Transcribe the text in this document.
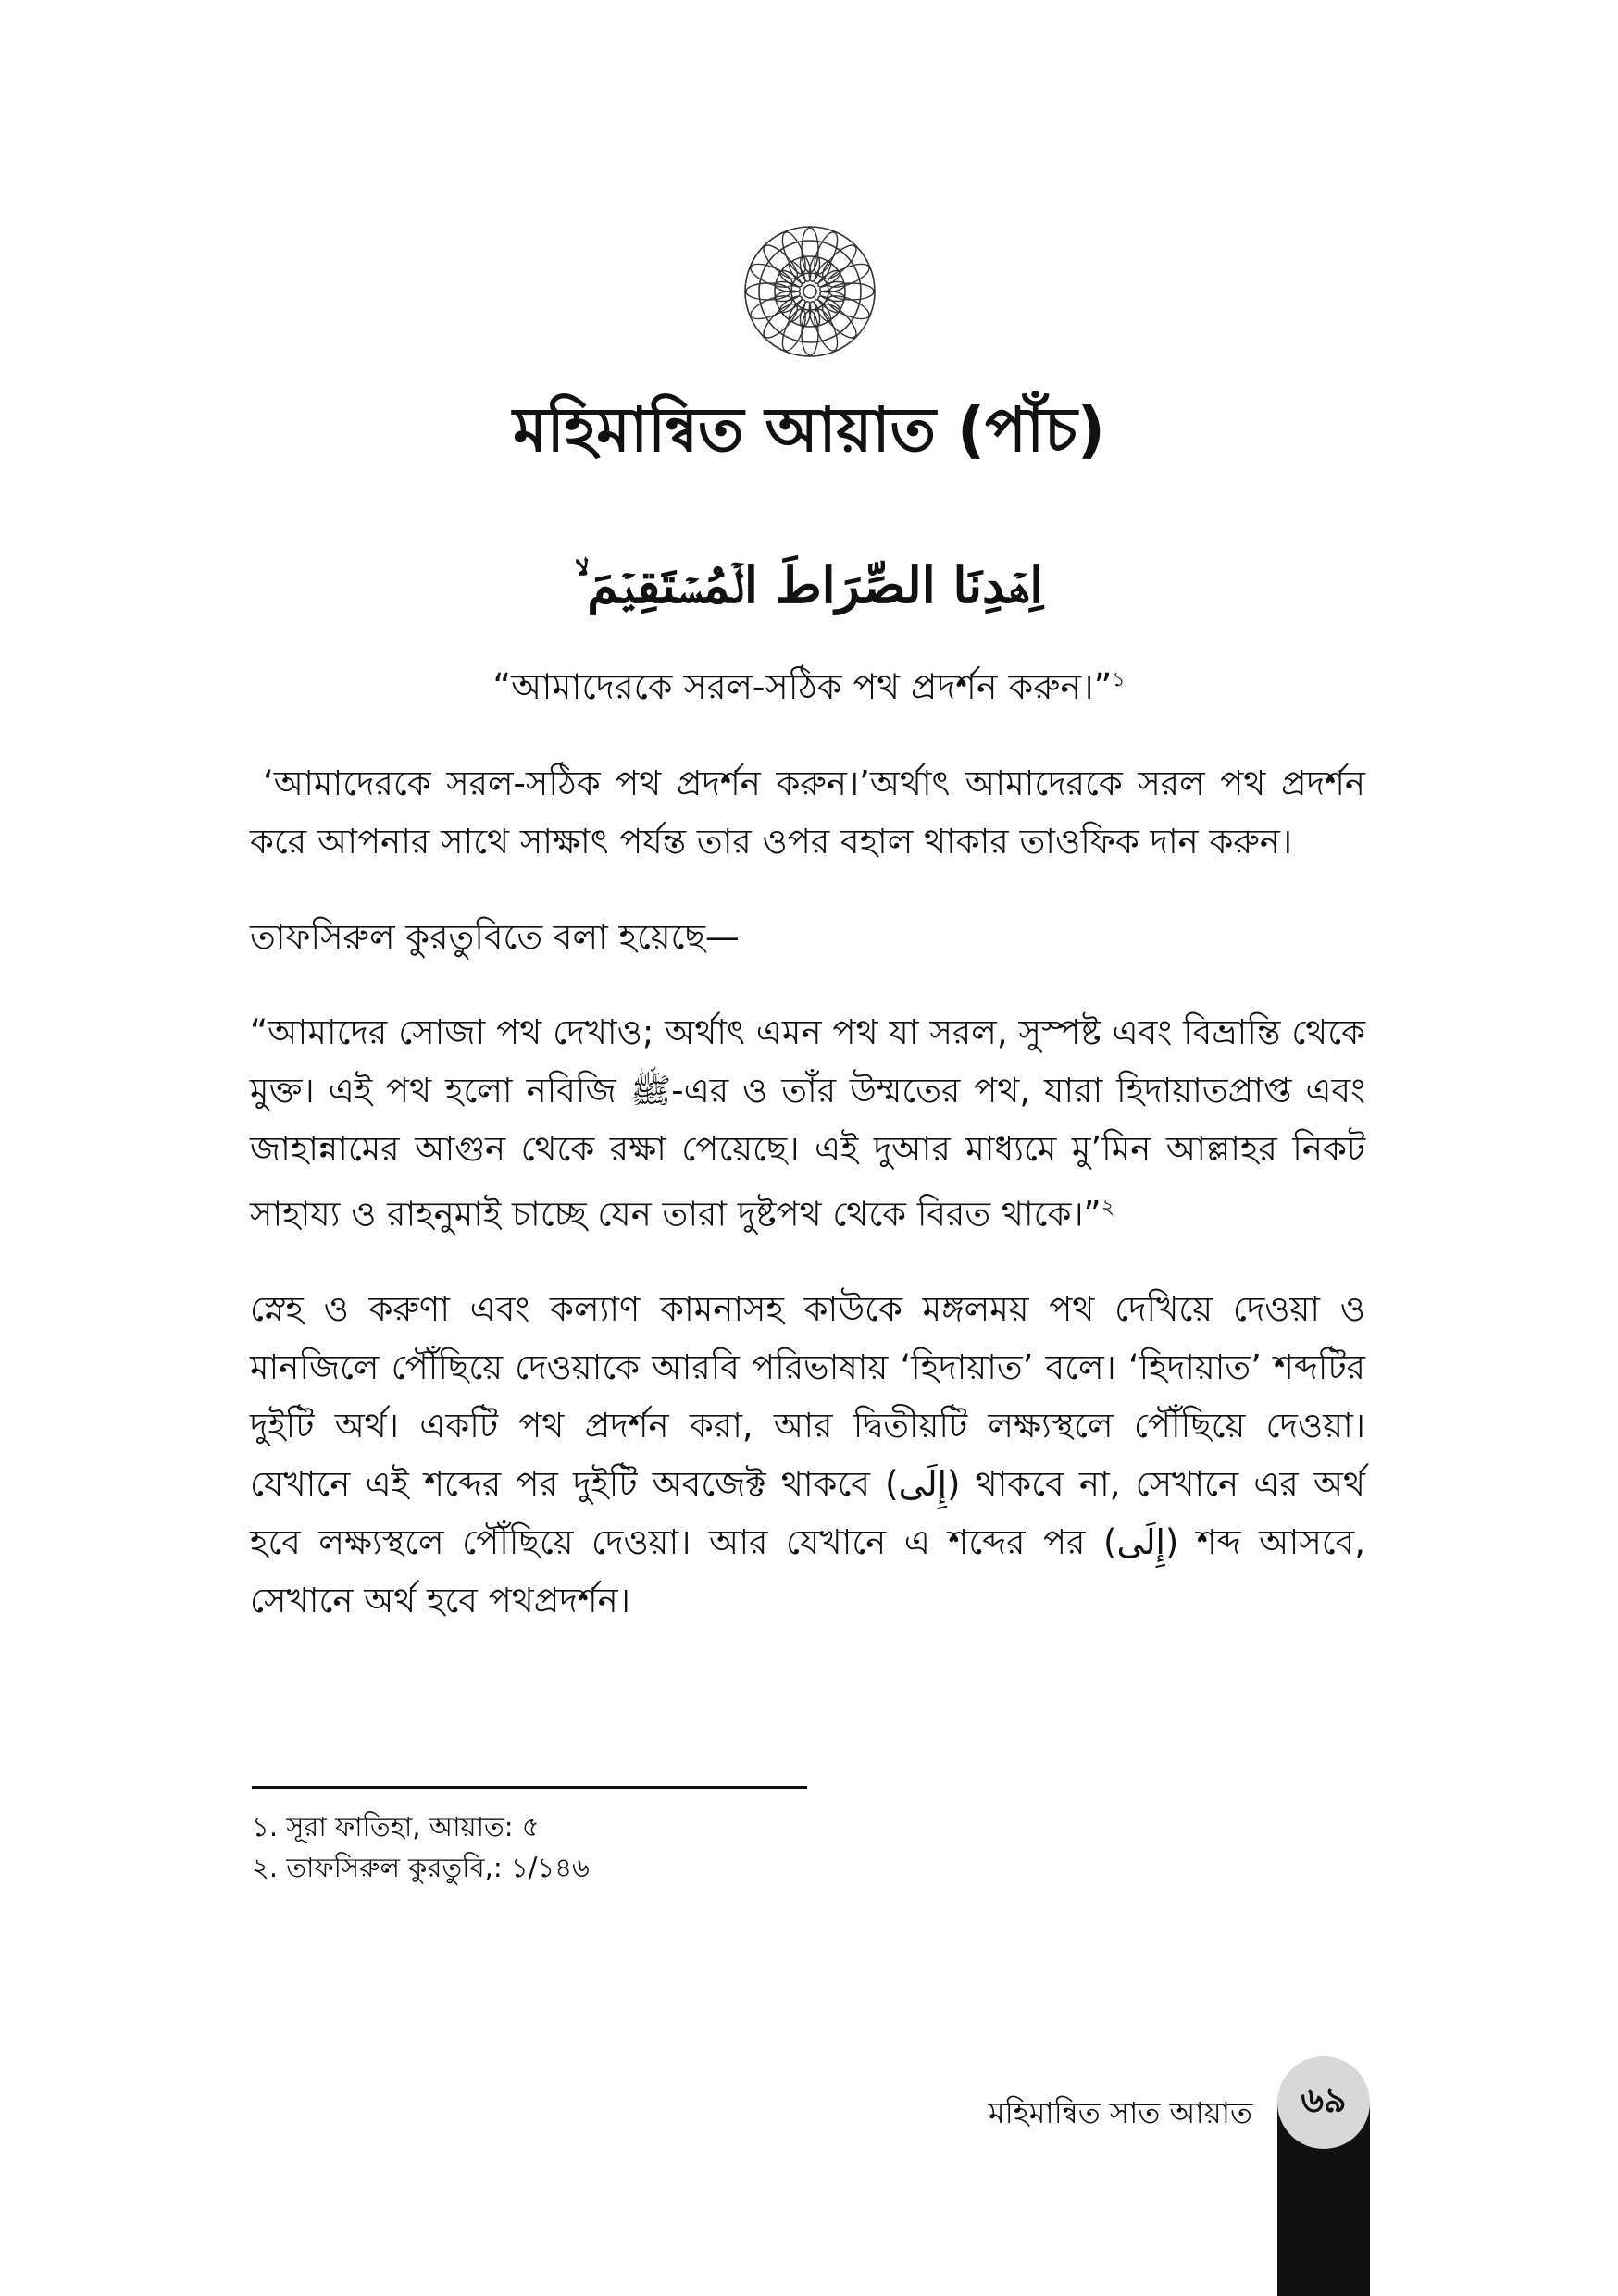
মহিমান্বিত আয়াত (পাঁচ)
اِهۡدِنَا الصِّرَاطَ الۡمُسۡتَقِیۡمَ ۙ
“আমাদেরকে সরল-সঠিক পথ প্রদর্শন করুন।”$^১$

‘আমাদেরকে সরল-সঠিক পথ প্রদর্শন করুন।’অর্থাৎ আমাদেরকে সরল পথ প্রদর্শন করে আপনার সাথে সাক্ষাৎ পর্যন্ত তার ওপর বহাল থাকার তাওফিক দান করুন।

তাফসিরুল কুরতুবিতে বলা হয়েছে—

“আমাদের সোজা পথ দেখাও; অর্থাৎ এমন পথ যা সরল, সুস্পষ্ট এবং বিভ্রান্তি থেকে মুক্ত। এই পথ হলো নবিজি ﷺ-এর ও তাঁর উম্মতের পথ, যারা হিদায়াতপ্রাপ্ত এবং জাহান্নামের আগুন থেকে রক্ষা পেয়েছে। এই দুআর মাধ্যমে মু’মিন আল্লাহর নিকট সাহায্য ও রাহনুমাই চাচ্ছে যেন তারা দুষ্টপথ থেকে বিরত থাকে।”$^২$

স্নেহ ও করুণা এবং কল্যাণ কামনাসহ কাউকে মঙ্গলময় পথ দেখিয়ে দেওয়া ও মানজিলে পৌঁছিয়ে দেওয়াকে আরবি পরিভাষায় ‘হিদায়াত’ বলে। ‘হিদায়াত’ শব্দটির দুইটি অর্থ। একটি পথ প্রদর্শন করা, আর দ্বিতীয়টি লক্ষ্যস্থলে পৌঁছিয়ে দেওয়া। যেখানে এই শব্দের পর দুইটি অবজেক্ট থাকবে (إِلَى) থাকবে না, সেখানে এর অর্থ হবে লক্ষ্যস্থলে পৌঁছিয়ে দেওয়া। আর যেখানে এ শব্দের পর (إِلَى) শব্দ আসবে, সেখানে অর্থ হবে পথপ্রদর্শন।

১. সূরা ফাতিহা, আয়াত: ৫
২. তাফসিরুল কুরতুবি,: ১/১৪৬
মহিমান্বিত সাত আয়াত	৬৯
